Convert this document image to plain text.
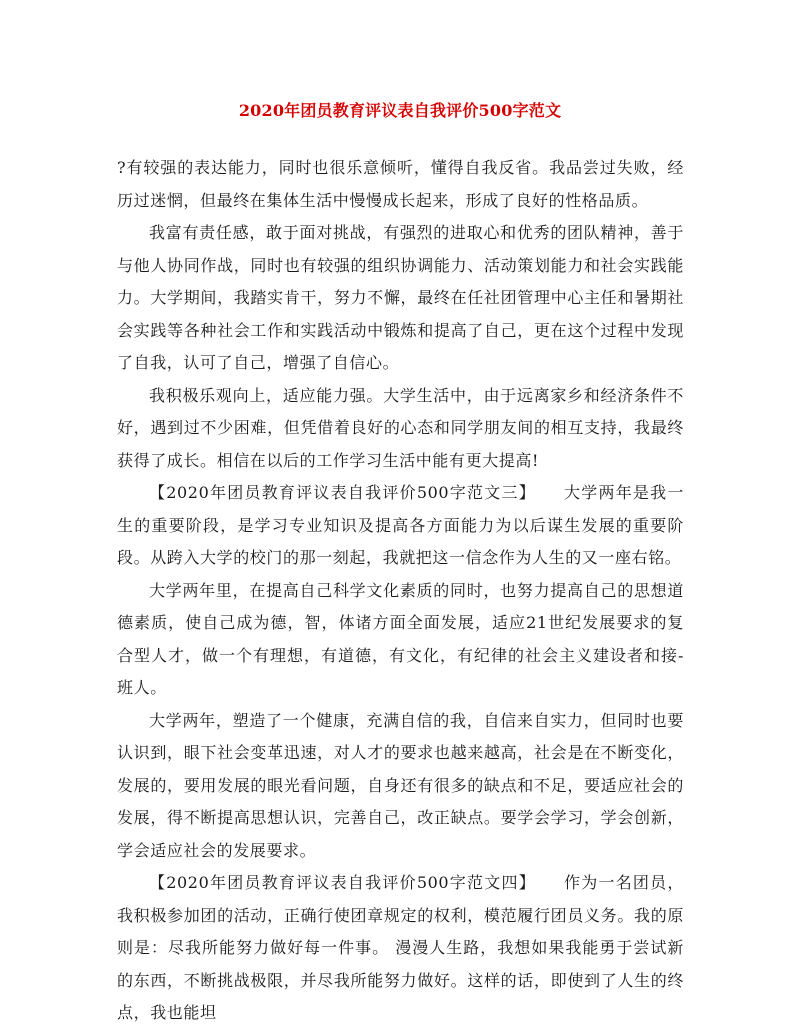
2020年团员教育评议表自我评价500字范文

?有较强的表达能力，同时也很乐意倾听，懂得自我反省。我品尝过失败，经历过迷惘，但最终在集体生活中慢慢成长起来，形成了良好的性格品质。

我富有责任感，敢于面对挑战，有强烈的进取心和优秀的团队精神，善于与他人协同作战，同时也有较强的组织协调能力、活动策划能力和社会实践能力。大学期间，我踏实肯干，努力不懈，最终在任社团管理中心主任和暑期社会实践等各种社会工作和实践活动中锻炼和提高了自己，更在这个过程中发现了自我，认可了自己，增强了自信心。

我积极乐观向上，适应能力强。大学生活中，由于远离家乡和经济条件不好，遇到过不少困难，但凭借着良好的心态和同学朋友间的相互支持，我最终获得了成长。相信在以后的工作学习生活中能有更大提高!

【2020年团员教育评议表自我评价500字范文三】 大学两年是我一生的重要阶段，是学习专业知识及提高各方面能力为以后谋生发展的重要阶段。从跨入大学的校门的那一刻起，我就把这一信念作为人生的又一座右铭。

大学两年里，在提高自己科学文化素质的同时，也努力提高自己的思想道德素质，使自己成为德，智，体诸方面全面发展，适应21世纪发展要求的复合型人才，做一个有理想，有道德，有文化，有纪律的社会主义建设者和接-班人。

大学两年，塑造了一个健康，充满自信的我，自信来自实力，但同时也要认识到，眼下社会变革迅速，对人才的要求也越来越高，社会是在不断变化，发展的，要用发展的眼光看问题，自身还有很多的缺点和不足，要适应社会的发展，得不断提高思想认识，完善自己，改正缺点。要学会学习，学会创新，学会适应社会的发展要求。

【2020年团员教育评议表自我评价500字范文四】 作为一名团员，我积极参加团的活动，正确行使团章规定的权利，模范履行团员义务。我的原则是：尽我所能努力做好每一件事。 漫漫人生路，我想如果我能勇于尝试新的东西，不断挑战极限，并尽我所能努力做好。这样的话，即使到了人生的终点，我也能坦
